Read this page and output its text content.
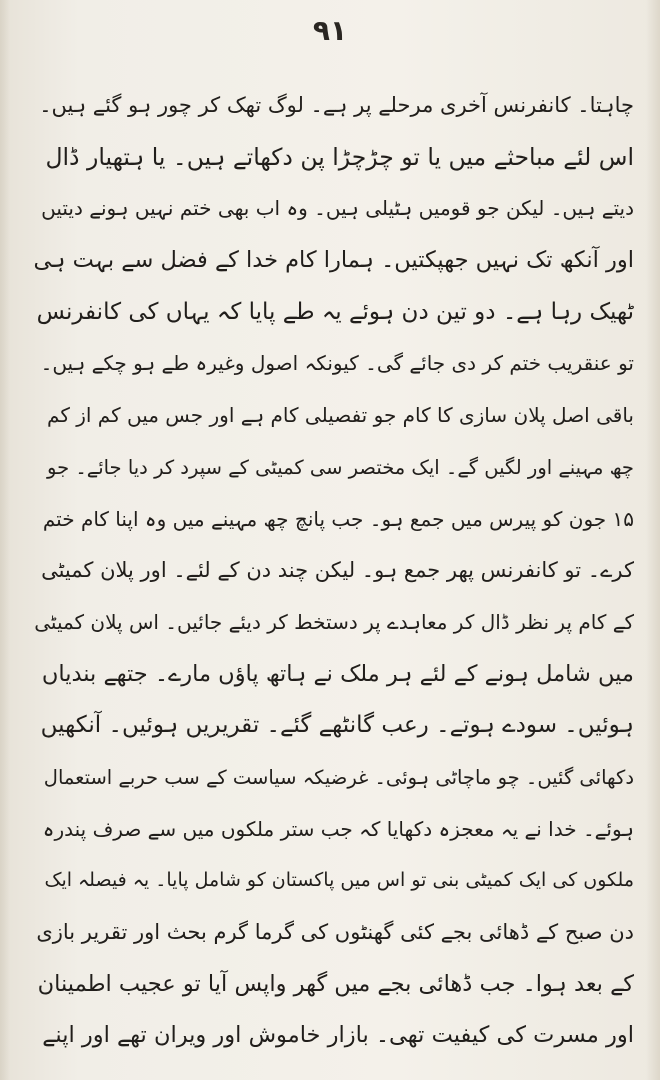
۹۱
چاہتا۔ کانفرنس آخری مرحلے پر ہے۔ لوگ تھک کر چور ہو گئے ہیں۔
اس لئے مباحثے میں یا تو چڑچڑا پن دکھاتے ہیں۔ یا ہتھیار ڈال
دیتے ہیں۔ لیکن جو قومیں ہٹیلی ہیں۔ وہ اب بھی ختم نہیں ہونے دیتیں
اور آنکھ تک نہیں جھپکتیں۔ ہمارا کام خدا کے فضل سے بہت ہی
ٹھیک رہا ہے۔ دو تین دن ہوئے یہ طے پایا کہ یہاں کی کانفرنس
تو عنقریب ختم کر دی جائے گی۔ کیونکہ اصول وغیرہ طے ہو چکے ہیں۔
باقی اصل پلان سازی کا کام جو تفصیلی کام ہے اور جس میں کم از کم
چھ مہینے اور لگیں گے۔ ایک مختصر سی کمیٹی کے سپرد کر دیا جائے۔ جو
۱۵ جون کو پیرس میں جمع ہو۔ جب پانچ چھ مہینے میں وہ اپنا کام ختم
کرے۔ تو کانفرنس پھر جمع ہو۔ لیکن چند دن کے لئے۔ اور پلان کمیٹی
کے کام پر نظر ڈال کر معاہدے پر دستخط کر دیئے جائیں۔ اس پلان کمیٹی
میں شامل ہونے کے لئے ہر ملک نے ہاتھ پاؤں مارے۔ جتھے بندیاں
ہوئیں۔ سودے ہوتے۔ رعب گانٹھے گئے۔ تقریریں ہوئیں۔ آنکھیں
دکھائی گئیں۔ چو ماچاٹی ہوئی۔ غرضیکہ سیاست کے سب حربے استعمال
ہوئے۔ خدا نے یہ معجزہ دکھایا کہ جب ستر ملکوں میں سے صرف پندرہ
ملکوں کی ایک کمیٹی بنی تو اس میں پاکستان کو شامل پایا۔ یہ فیصلہ ایک
دن صبح کے ڈھائی بجے کئی گھنٹوں کی گرما گرم بحث اور تقریر بازی
کے بعد ہوا۔ جب ڈھائی بجے میں گھر واپس آیا تو عجیب اطمینان
اور مسرت کی کیفیت تھی۔ بازار خاموش اور ویران تھے اور اپنے
